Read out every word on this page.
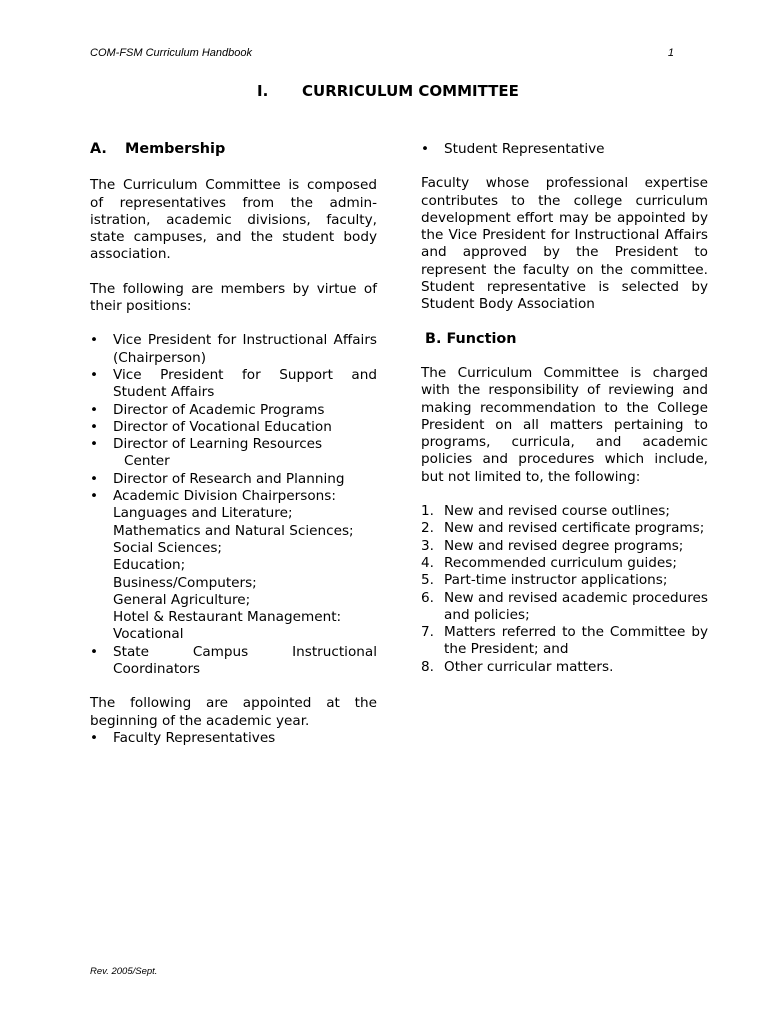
COM-FSM Curriculum Handbook	1
I. CURRICULUM COMMITTEE
A. Membership

The Curriculum Committee is composed of representatives from the admin-istration, academic divisions, faculty, state campuses, and the student body association.

The following are members by virtue of their positions:

• Vice President for Instructional Affairs (Chairperson)
• Vice President for Support and Student Affairs
• Director of Academic Programs
• Director of Vocational Education
• Director of Learning Resources
Center
• Director of Research and Planning
• Academic Division Chairpersons:
Languages and Literature;
Mathematics and Natural Sciences;
Social Sciences;
Education;
Business/Computers;
General Agriculture;
Hotel & Restaurant Management:
Vocational
• State Campus Instructional Coordinators

The following are appointed at the beginning of the academic year.

• Faculty Representatives
• Student Representative

Faculty whose professional expertise contributes to the college curriculum development effort may be appointed by the Vice President for Instructional Affairs and approved by the President to represent the faculty on the committee. Student representative is selected by Student Body Association

B. Function

The Curriculum Committee is charged with the responsibility of reviewing and making recommendation to the College President on all matters pertaining to programs, curricula, and academic policies and procedures which include, but not limited to, the following:

1. New and revised course outlines;
2. New and revised certificate programs;
3. New and revised degree programs;
4. Recommended curriculum guides;
5. Part-time instructor applications;
6. New and revised academic procedures and policies;
7. Matters referred to the Committee by the President; and
8. Other curricular matters.
Rev. 2005/Sept.
